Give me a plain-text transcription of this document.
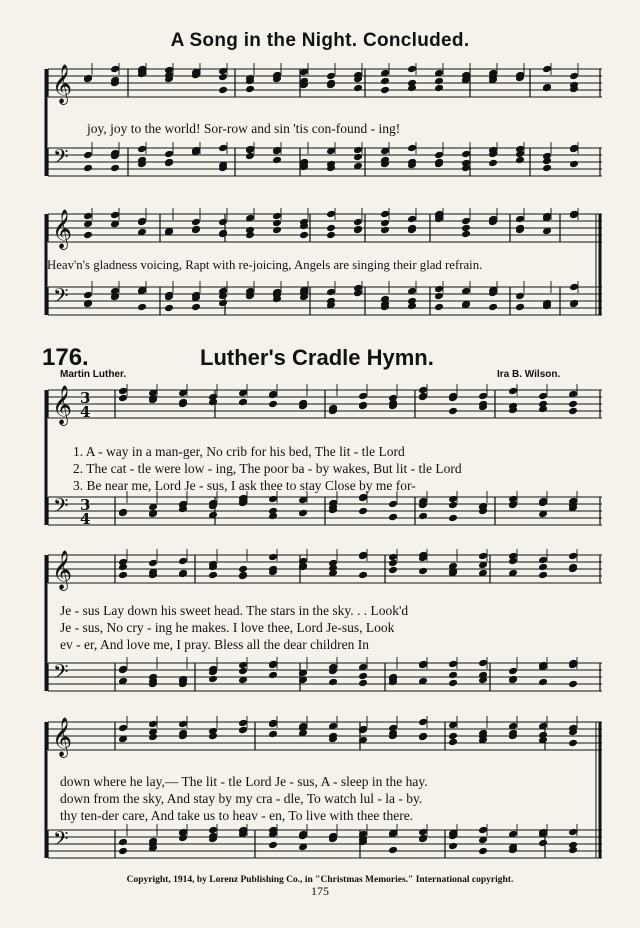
𝄞
𝄢
𝄞
𝄢
𝄞
𝄢
3
4
3
4
𝄞
𝄢
𝄞
𝄢
A Song in the Night. Concluded.
joy, joy to the world! Sor-row and sin 'tis con-found - ing!
Heav'n's gladness voicing, Rapt with re-joicing, Angels are singing their glad refrain.
176.	Luther's Cradle Hymn.
Martin Luther.	Ira B. Wilson.
1. A - way in a man-ger, No crib for his bed, The lit - tle Lord
2. The cat - tle were low - ing, The poor ba - by wakes, But lit - tle Lord
3. Be near me, Lord Je - sus, I ask thee to stay Close by me for-
Je - sus Lay down his sweet head. The stars in the sky. . . Look'd
Je - sus, No cry - ing he makes. I love thee, Lord Je-sus, Look
ev - er, And love me, I pray. Bless all the dear children In
down where he lay,— The lit - tle Lord Je - sus, A - sleep in the hay.
down from the sky, And stay by my cra - dle, To watch lul - la - by.
thy ten-der care, And take us to heav - en, To live with thee there.
Copyright, 1914, by Lorenz Publishing Co., in "Christmas Memories." International copyright.
175
